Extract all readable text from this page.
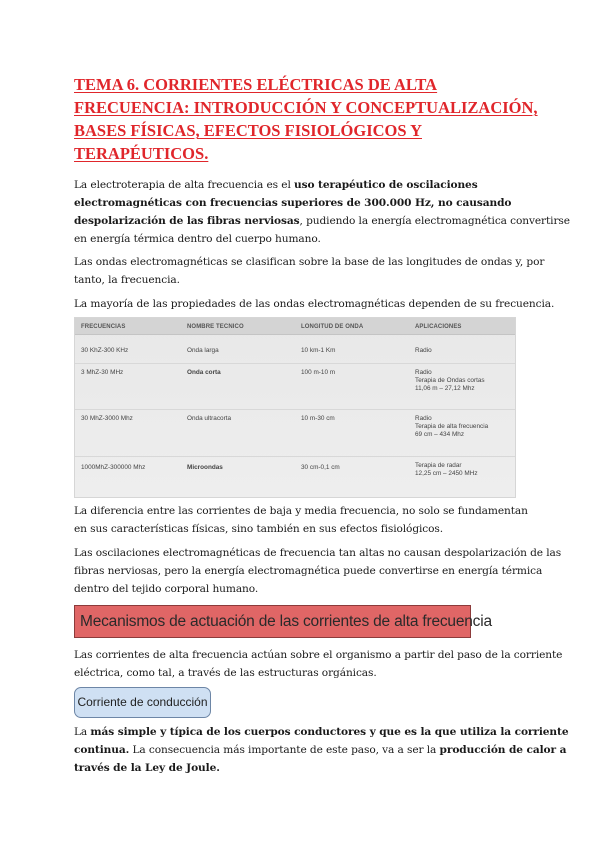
TEMA 6. CORRIENTES ELÉCTRICAS DE ALTA
FRECUENCIA: INTRODUCCIÓN Y CONCEPTUALIZACIÓN,
BASES FÍSICAS, EFECTOS FISIOLÓGICOS Y
TERAPÉUTICOS.
La electroterapia de alta frecuencia es el uso terapéutico de oscilaciones
electromagnéticas con frecuencias superiores de 300.000 Hz, no causando
despolarización de las fibras nerviosas, pudiendo la energía electromagnética convertirse
en energía térmica dentro del cuerpo humano.
Las ondas electromagnéticas se clasifican sobre la base de las longitudes de ondas y, por
tanto, la frecuencia.
La mayoría de las propiedades de las ondas electromagnéticas dependen de su frecuencia.
FRECUENCIAS	NOMBRE TECNICO	LONGITUD DE ONDA	APLICACIONES
30 KhZ-300 KHz	Onda larga	10 km-1 Km	Radio
3 MhZ-30 MHz	Onda corta	100 m-10 m	Radio
Terapia de Ondas cortas
11,06 m – 27,12 Mhz
30 MhZ-3000 Mhz	Onda ultracorta	10 m-30 cm	Radio
Terapia de alta frecuencia
69 cm – 434 Mhz
1000MhZ-300000 Mhz	Microondas	30 cm-0,1 cm	Terapia de radar
12,25 cm – 2450 MHz
La diferencia entre las corrientes de baja y media frecuencia, no solo se fundamentan
en sus características físicas, sino también en sus efectos fisiológicos.
Las oscilaciones electromagnéticas de frecuencia tan altas no causan despolarización de las
fibras nerviosas, pero la energía electromagnética puede convertirse en energía térmica
dentro del tejido corporal humano.
Mecanismos de actuación de las corrientes de alta frecuencia
Las corrientes de alta frecuencia actúan sobre el organismo a partir del paso de la corriente
eléctrica, como tal, a través de las estructuras orgánicas.
Corriente de conducción
La más simple y típica de los cuerpos conductores y que es la que utiliza la corriente
continua. La consecuencia más importante de este paso, va a ser la producción de calor a
través de la Ley de Joule.
